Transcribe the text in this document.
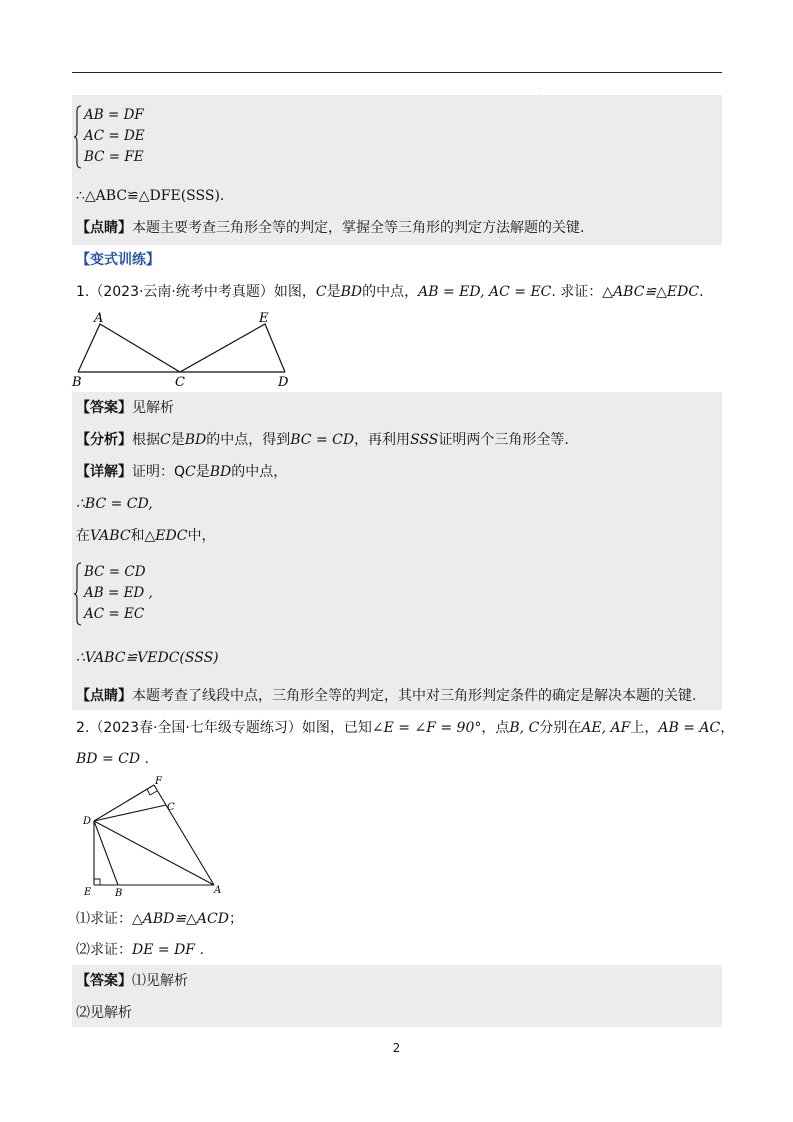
.
AB = DF
AC = DE
BC = FE
∴△ABC≌△DFE(SSS).
【点睛】本题主要考查三角形全等的判定，掌握全等三角形的判定方法解题的关键.
【变式训练】
1.（2023·云南·统考中考真题）如图，C是BD的中点，AB = ED, AC = EC. 求证：△ABC≌△EDC.
A	E
B	C	D
【答案】见解析
【分析】根据C是BD的中点，得到BC = CD，再利用SSS证明两个三角形全等.
【详解】证明：QC是BD的中点，
∴BC = CD,
在VABC和△EDC中，
BC = CD
AB = ED ,
AC = EC
∴VABC≌VEDC(SSS)
【点睛】本题考查了线段中点，三角形全等的判定，其中对三角形判定条件的确定是解决本题的关键.
2.（2023春·全国·七年级专题练习）如图，已知∠E = ∠F = 90°，点B, C分别在AE, AF上，AB = AC，
BD = CD .
F
C
D
E B	A
⑴求证：△ABD≌△ACD；
⑵求证：DE = DF .
【答案】⑴见解析
⑵见解析
2
